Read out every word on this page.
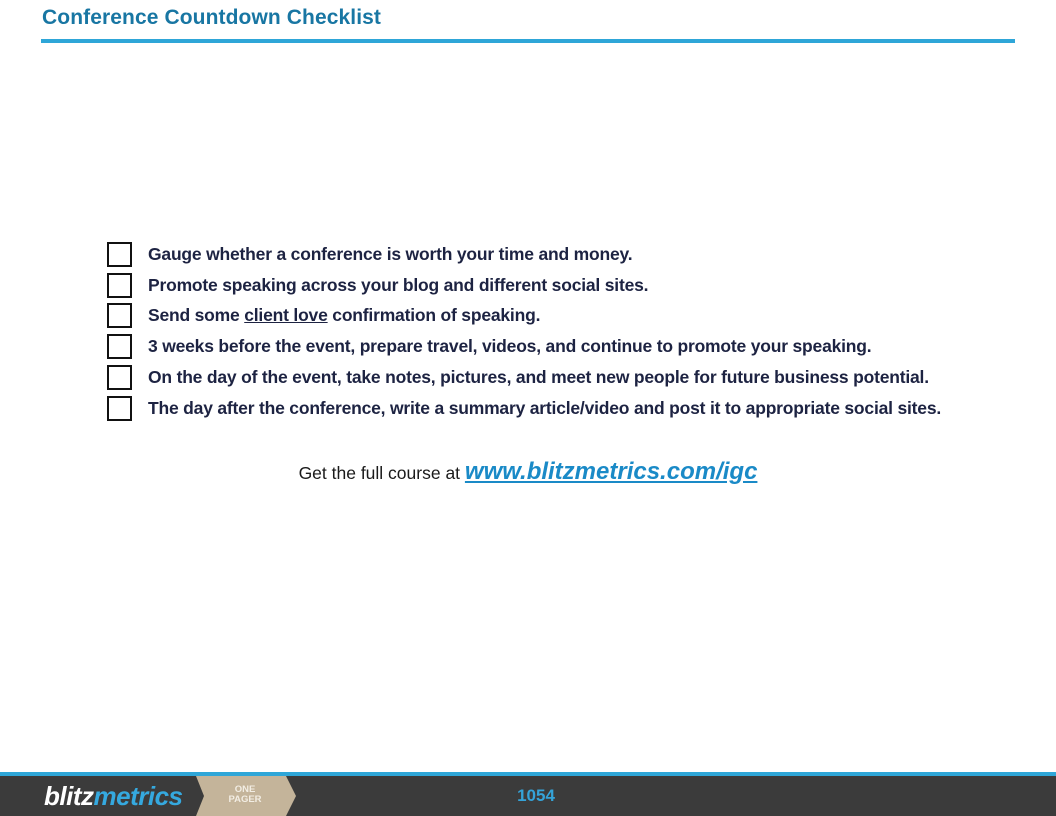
Conference Countdown Checklist
Gauge whether a conference is worth your time and money.
Promote speaking across your blog and different social sites.
Send some client love confirmation of speaking.
3 weeks before the event, prepare travel, videos, and continue to promote your speaking.
On the day of the event, take notes, pictures, and meet new people for future business potential.
The day after the conference, write a summary article/video and post it to appropriate social sites.
Get the full course at www.blitzmetrics.com/igc
blitzmetrics	ONE
PAGER	1054
